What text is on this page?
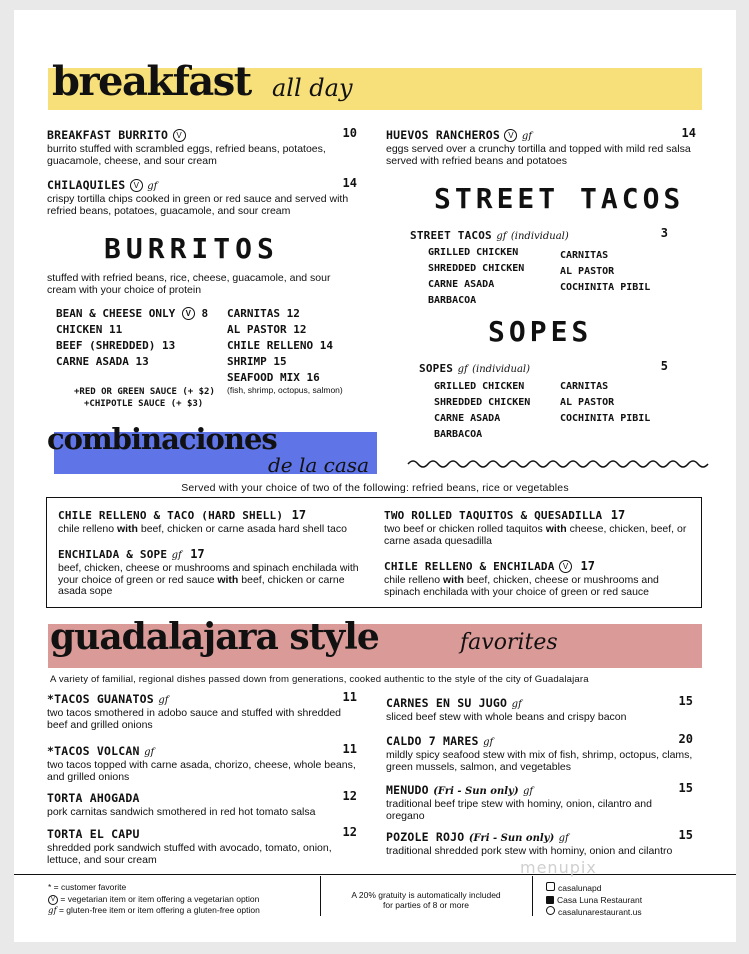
breakfast all day
BREAKFAST BURRITO V	10
burrito stuffed with scrambled eggs, refried beans, potatoes, guacamole, cheese, and sour cream
HUEVOS RANCHEROS V gf	14
eggs served over a crunchy tortilla and topped with mild red salsa served with refried beans and potatoes
CHILAQUILES V gf	14
crispy tortilla chips cooked in green or red sauce and served with refried beans, potatoes, guacamole, and sour cream
BURRITOS
stuffed with refried beans, rice, cheese, guacamole, and sour cream with your choice of protein
BEAN & CHEESE ONLY V 8
CHICKEN 11
BEEF (SHREDDED) 13
CARNE ASADA 13
CARNITAS 12
AL PASTOR 12
CHILE RELLENO 14
SHRIMP 15
SEAFOOD MIX 16
(fish, shrimp, octopus, salmon)
+RED OR GREEN SAUCE (+ $2)
+CHIPOTLE SAUCE (+ $3)
STREET TACOS
STREET TACOS gf (individual)	3
GRILLED CHICKEN
SHREDDED CHICKEN
CARNE ASADA
BARBACOA
CARNITAS
AL PASTOR
COCHINITA PIBIL
SOPES
SOPES gf (individual)	5
GRILLED CHICKEN
SHREDDED CHICKEN
CARNE ASADA
BARBACOA
CARNITAS
AL PASTOR
COCHINITA PIBIL
combinaciones
de la casa
Served with your choice of two of the following: refried beans, rice or vegetables
CHILE RELLENO & TACO (HARD SHELL) 17
chile relleno with beef, chicken or carne asada hard shell taco
TWO ROLLED TAQUITOS & QUESADILLA 17
two beef or chicken rolled taquitos with cheese, chicken, beef, or carne asada quesadilla
ENCHILADA & SOPE gf 17
beef, chicken, cheese or mushrooms and spinach enchilada with your choice of green or red sauce with beef, chicken or carne asada sope
CHILE RELLENO & ENCHILADA V 17
chile relleno with beef, chicken, cheese or mushrooms and spinach enchilada with your choice of green or red sauce
guadalajara style	favorites
A variety of familial, regional dishes passed down from generations, cooked authentic to the style of the city of Guadalajara
*TACOS GUANATOS gf	11
two tacos smothered in adobo sauce and stuffed with shredded beef and grilled onions
*TACOS VOLCAN gf	11
two tacos topped with carne asada, chorizo, cheese, whole beans, and grilled onions
TORTA AHOGADA	12
pork carnitas sandwich smothered in red hot tomato salsa
TORTA EL CAPU	12
shredded pork sandwich stuffed with avocado, tomato, onion, lettuce, and sour cream
CARNES EN SU JUGO gf	15
sliced beef stew with whole beans and crispy bacon
CALDO 7 MARES gf	20
mildly spicy seafood stew with mix of fish, shrimp, octopus, clams, green mussels, salmon, and vegetables
MENUDO (Fri - Sun only) gf	15
traditional beef tripe stew with hominy, onion, cilantro and oregano
POZOLE ROJO (Fri - Sun only) gf	15
traditional shredded pork stew with hominy, onion and cilantro
* = customer favorite
V = vegetarian item or item offering a vegetarian option
gf = gluten-free item or item offering a gluten-free option
A 20% gratuity is automatically included
for parties of 8 or more
casalunapd
Casa Luna Restaurant
casalunarestaurant.us
menupix
